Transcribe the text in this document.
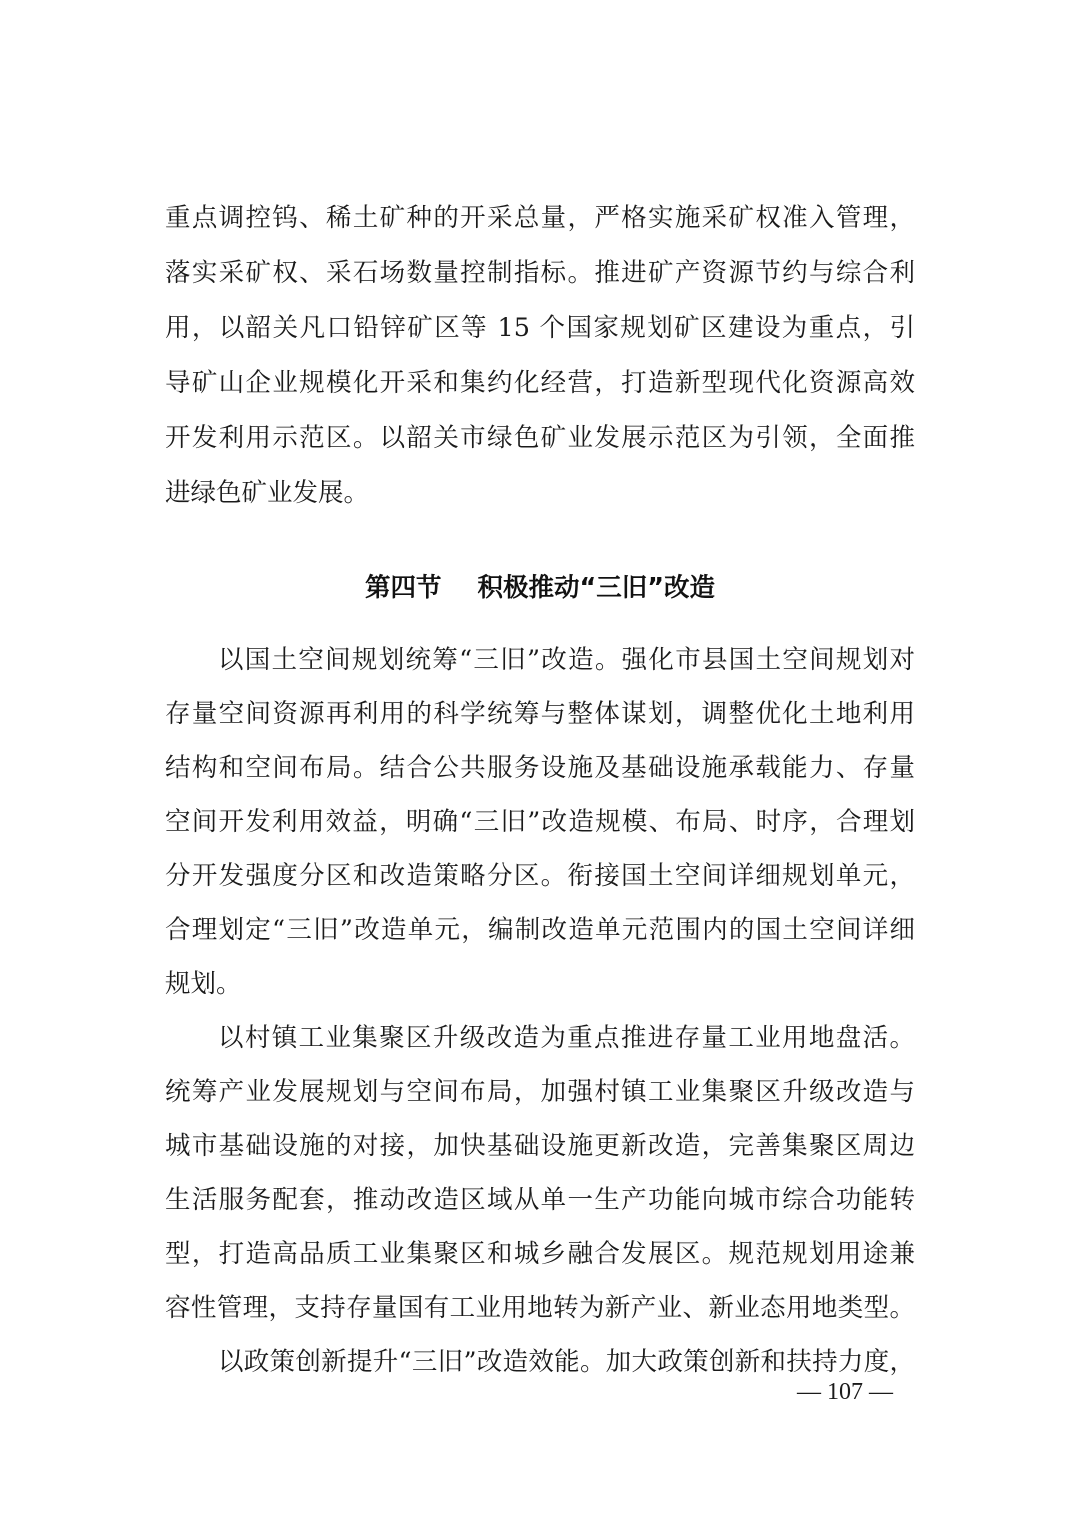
重点调控钨、稀土矿种的开采总量，严格实施采矿权准入管理，
落实采矿权、采石场数量控制指标。推进矿产资源节约与综合利
用，以韶关凡口铅锌矿区等 15 个国家规划矿区建设为重点，引
导矿山企业规模化开采和集约化经营，打造新型现代化资源高效
开发利用示范区。以韶关市绿色矿业发展示范区为引领，全面推
进绿色矿业发展。
第四节 积极推动“三旧”改造
以国土空间规划统筹“三旧”改造。强化市县国土空间规划对
存量空间资源再利用的科学统筹与整体谋划，调整优化土地利用
结构和空间布局。结合公共服务设施及基础设施承载能力、存量
空间开发利用效益，明确“三旧”改造规模、布局、时序，合理划
分开发强度分区和改造策略分区。衔接国土空间详细规划单元，
合理划定“三旧”改造单元，编制改造单元范围内的国土空间详细
规划。
以村镇工业集聚区升级改造为重点推进存量工业用地盘活。
统筹产业发展规划与空间布局，加强村镇工业集聚区升级改造与
城市基础设施的对接，加快基础设施更新改造，完善集聚区周边
生活服务配套，推动改造区域从单一生产功能向城市综合功能转
型，打造高品质工业集聚区和城乡融合发展区。规范规划用途兼
容性管理，支持存量国有工业用地转为新产业、新业态用地类型。
以政策创新提升“三旧”改造效能。加大政策创新和扶持力度，
— 107 —
